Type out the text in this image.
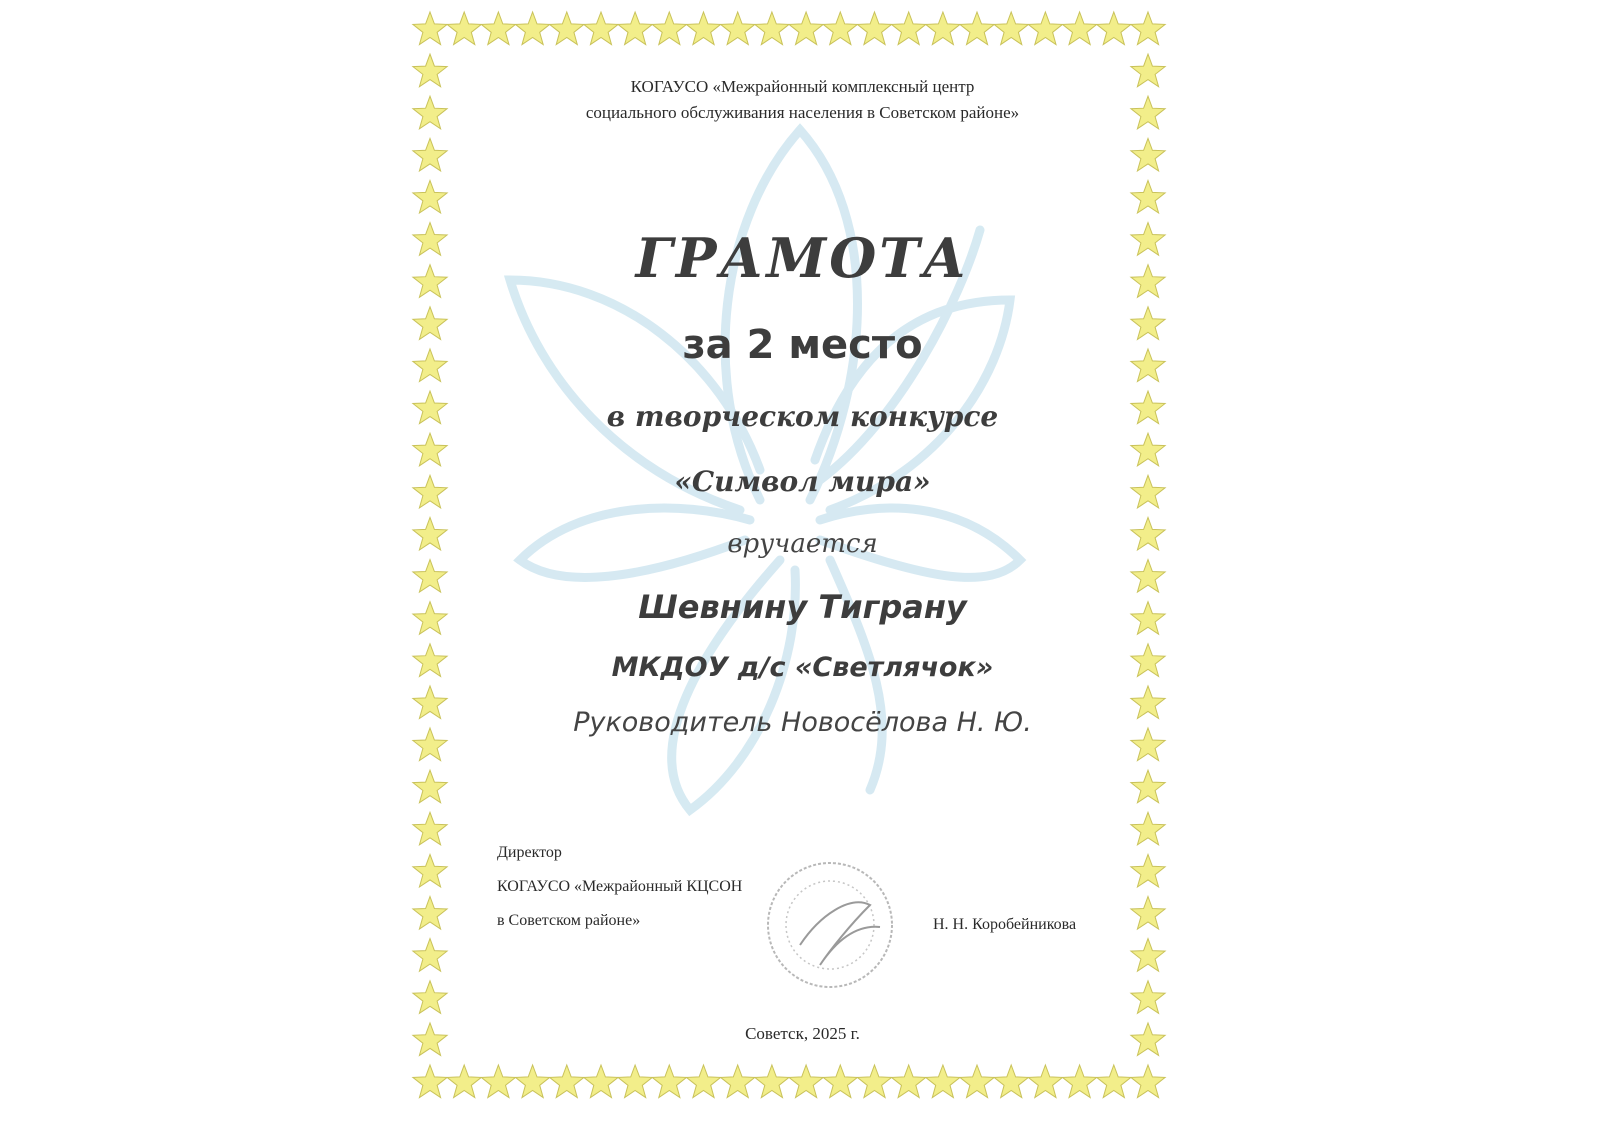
КОГАУСО «Межрайонный комплексный центр
социального обслуживания населения в Советском районе»
ГРАМОТА
за 2 место
в творческом конкурсе
«Символ мира»
вручается
Шевнину Тиграну
МКДОУ д/с «Светлячок»
Руководитель Новосёлова Н. Ю.
Директор
КОГАУСО «Межрайонный КЦСОН
в Советском районе»	Н. Н. Коробейникова
Советск, 2025 г.
